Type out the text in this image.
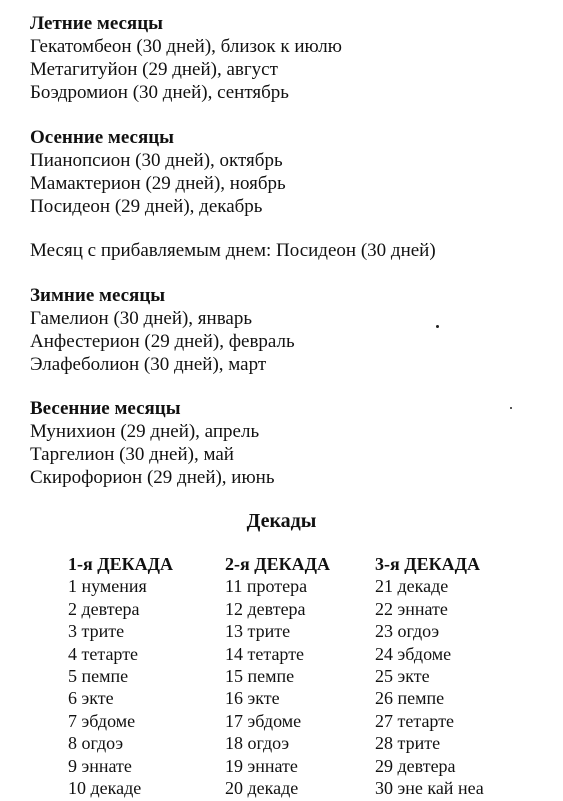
Летние месяцы
Гекатомбеон (30 дней), близок к июлю
Метагитуйон (29 дней), август
Боэдромион (30 дней), сентябрь
Осенние месяцы
Пианопсион (30 дней), октябрь
Мамактерион (29 дней), ноябрь
Посидеон (29 дней), декабрь
Месяц с прибавляемым днем: Посидеон (30 дней)
Зимние месяцы
Гамелион (30 дней), январь
Анфестерион (29 дней), февраль
Элафеболион (30 дней), март
Весенние месяцы
Мунихион (29 дней), апрель
Таргелион (30 дней), май
Скирофорион (29 дней), июнь
Декады
1-я ДЕКАДА
1 нумения
2 девтера
3 трите
4 тетарте
5 пемпе
6 экте
7 эбдоме
8 огдоэ
9 эннате
10 декаде
2-я ДЕКАДА
11 протера
12 девтера
13 трите
14 тетарте
15 пемпе
16 экте
17 эбдоме
18 огдоэ
19 эннате
20 декаде
3-я ДЕКАДА
21 декаде
22 эннате
23 огдоэ
24 эбдоме
25 экте
26 пемпе
27 тетарте
28 трите
29 девтера
30 эне кай неа
